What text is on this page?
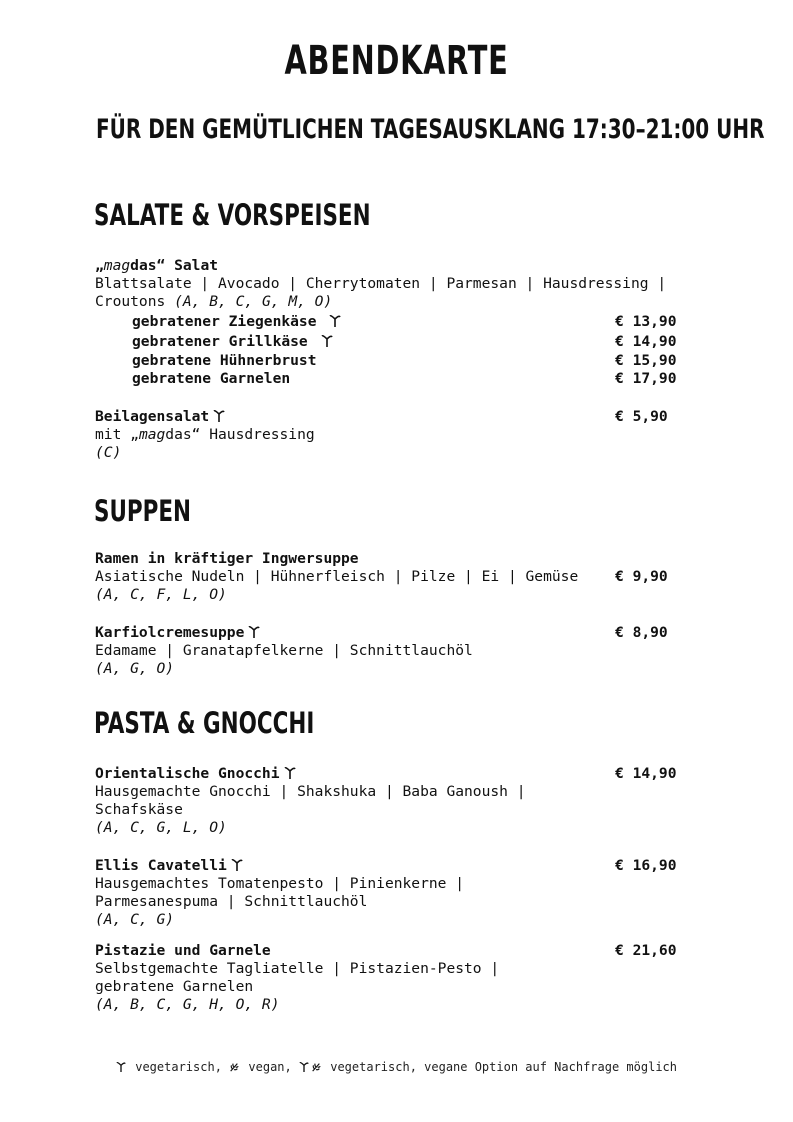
ABENDKARTE
FÜR DEN GEMÜTLICHEN TAGESAUSKLANG 17:30–21:00 UHR
SALATE & VORSPEISEN
„magdas“ Salat
Blattsalate | Avocado | Cherrytomaten | Parmesan | Hausdressing | Croutons (A, B, C, G, M, O)
gebratener Ziegenkäse	€ 13,90
gebratener Grillkäse	€ 14,90
gebratene Hühnerbrust	€ 15,90
gebratene Garnelen	€ 17,90
Beilagensalat	€ 5,90
mit „magdas“ Hausdressing
(C)
SUPPEN
Ramen in kräftiger Ingwersuppe
Asiatische Nudeln | Hühnerfleisch | Pilze | Ei | Gemüse	€ 9,90
(A, C, F, L, O)
Karfiolcremesuppe	€ 8,90
Edamame | Granatapfelkerne | Schnittlauchöl
(A, G, O)
PASTA & GNOCCHI
Orientalische Gnocchi	€ 14,90
Hausgemachte Gnocchi | Shakshuka | Baba Ganoush | Schafskäse
(A, C, G, L, O)
Ellis Cavatelli	€ 16,90
Hausgemachtes Tomatenpesto | Pinienkerne | Parmesanespuma | Schnittlauchöl
(A, C, G)
Pistazie und Garnele	€ 21,60
Selbstgemachte Tagliatelle | Pistazien-Pesto | gebratene Garnelen
(A, B, C, G, H, O, R)
vegetarisch, vegan,	vegetarisch, vegane Option auf Nachfrage möglich
